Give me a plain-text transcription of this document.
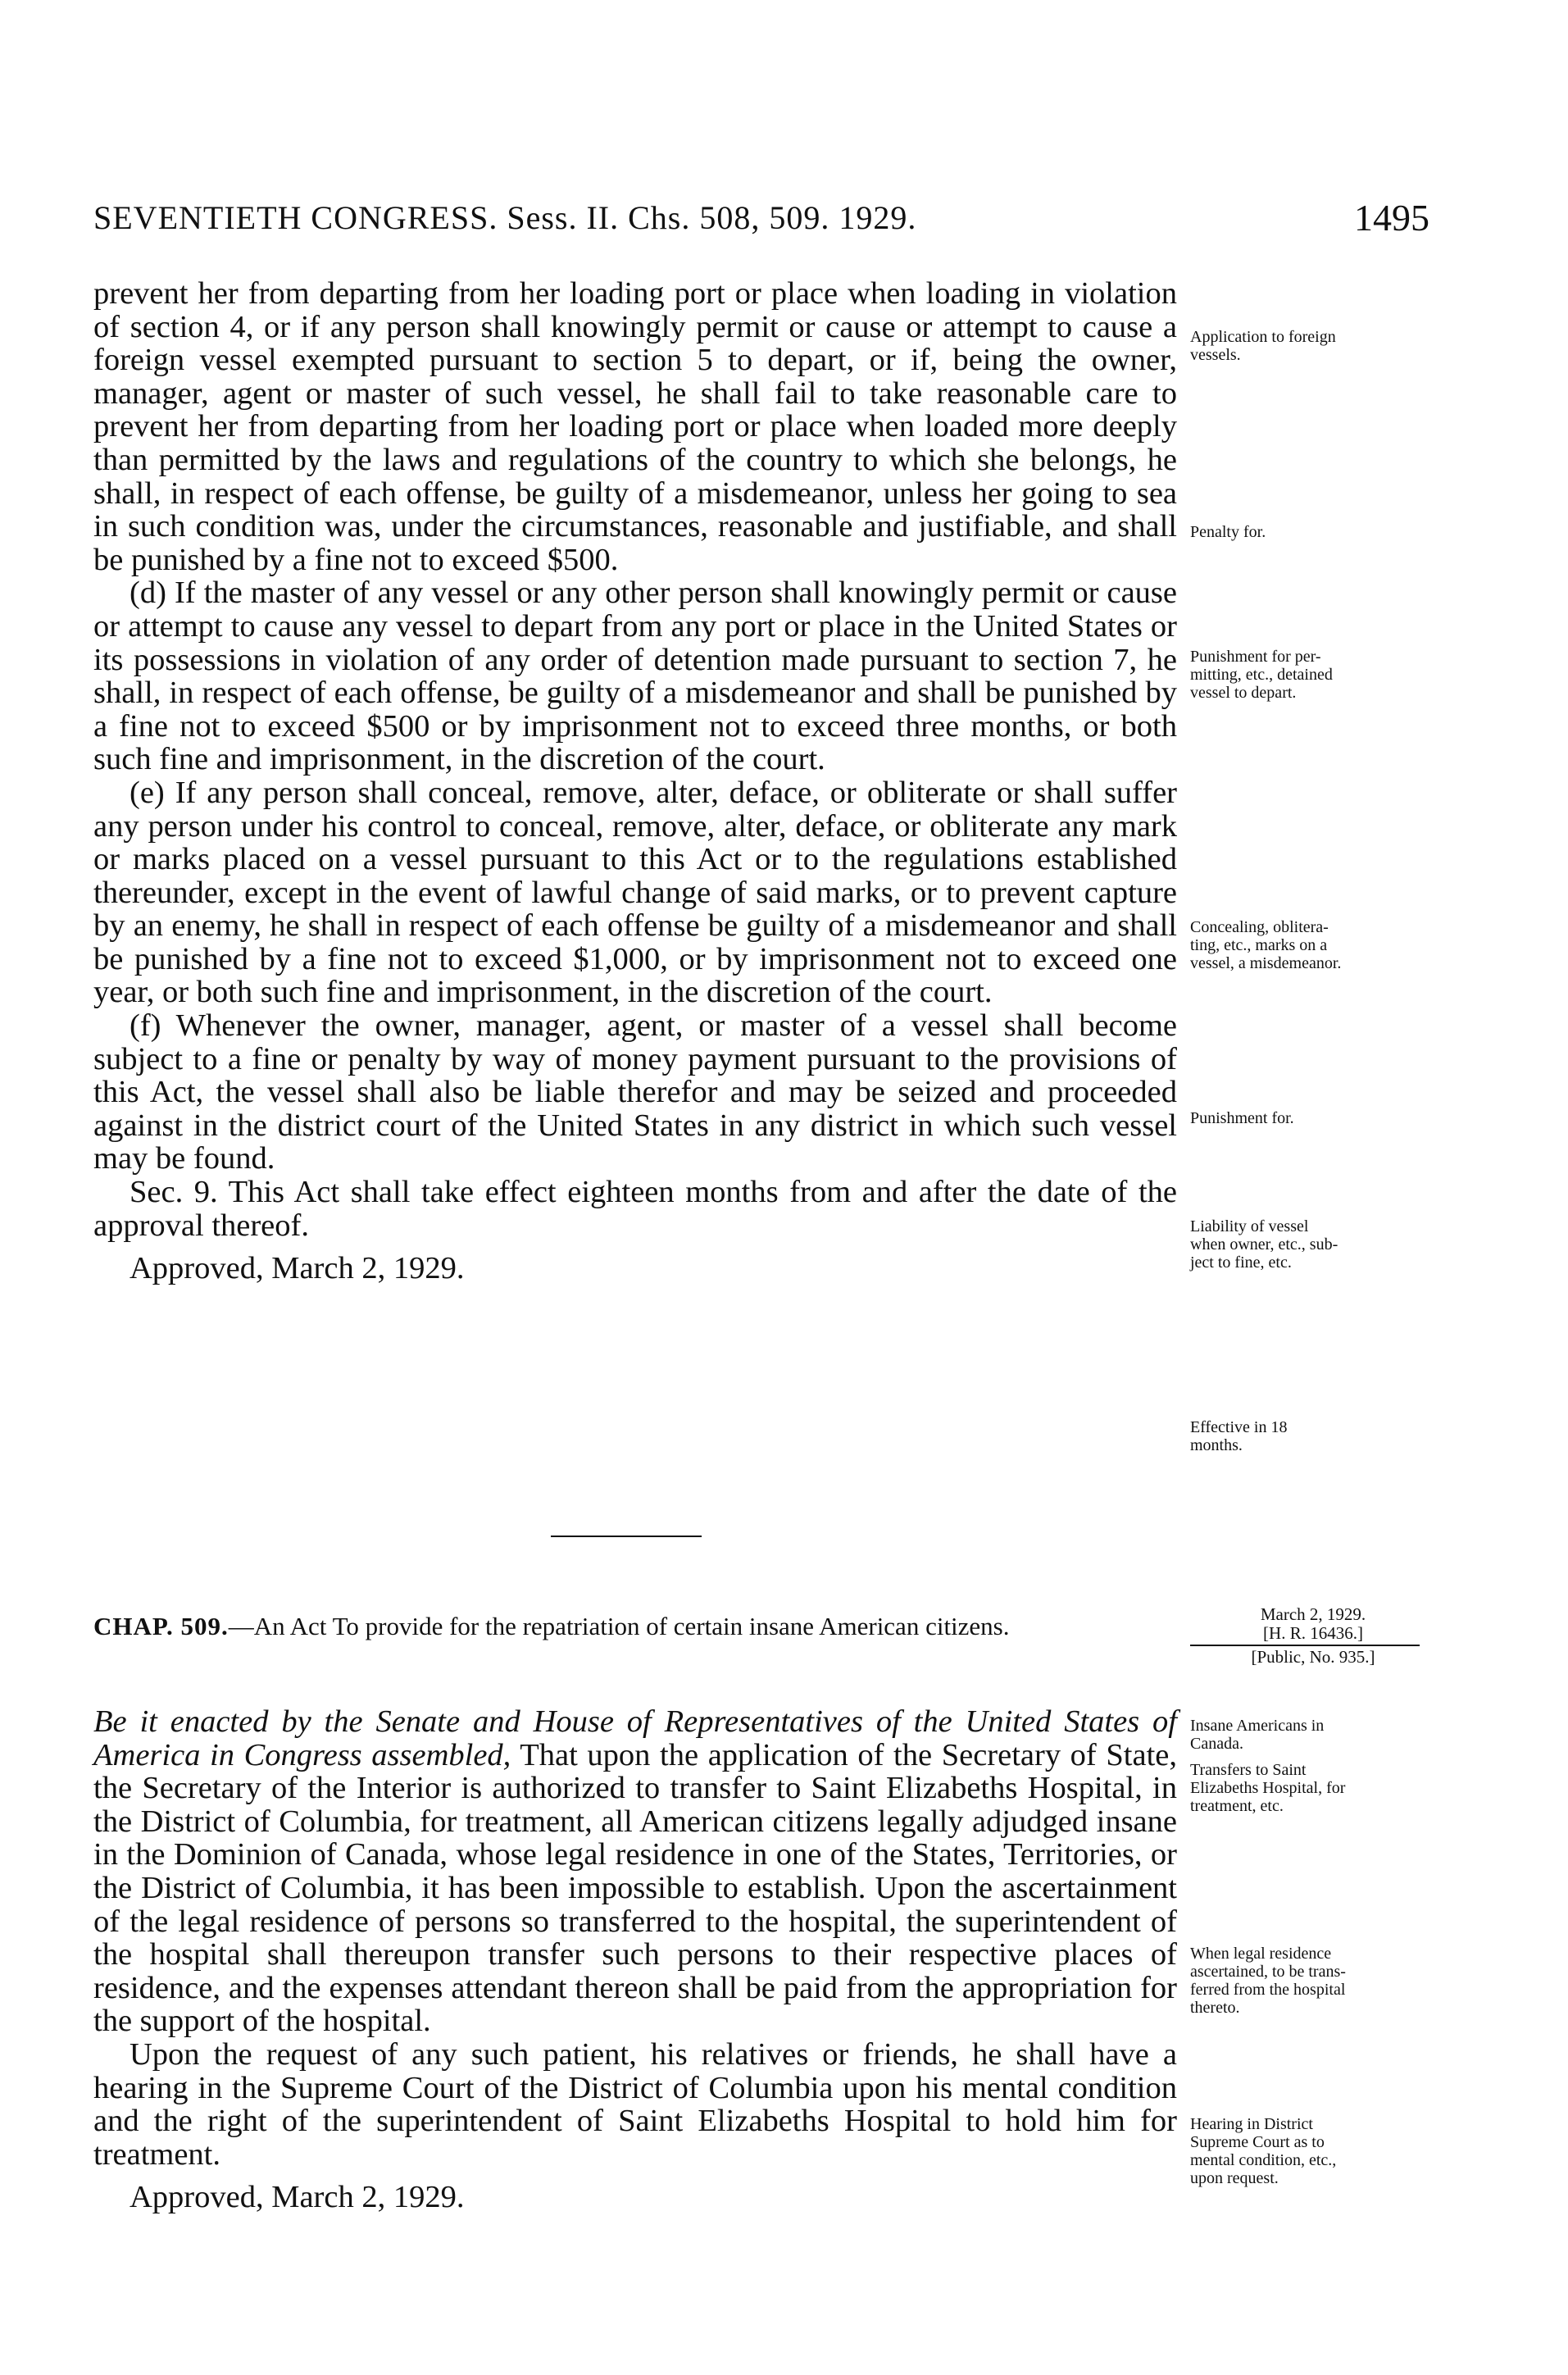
SEVENTIETH CONGRESS. Sess. II. Chs. 508, 509. 1929.	1495

prevent her from departing from her loading port or place when loading in violation of section 4, or if any person shall knowingly permit or cause or attempt to cause a foreign vessel exempted pursuant to section 5 to depart, or if, being the owner, manager, agent or master of such vessel, he shall fail to take reasonable care to prevent her from departing from her loading port or place when loaded more deeply than permitted by the laws and regulations of the country to which she belongs, he shall, in respect of each offense, be guilty of a misdemeanor, unless her going to sea in such condition was, under the circumstances, reasonable and justifiable, and shall be punished by a fine not to exceed $500.

(d) If the master of any vessel or any other person shall knowingly permit or cause or attempt to cause any vessel to depart from any port or place in the United States or its possessions in violation of any order of detention made pursuant to section 7, he shall, in respect of each offense, be guilty of a misdemeanor and shall be punished by a fine not to exceed $500 or by imprisonment not to exceed three months, or both such fine and imprisonment, in the discretion of the court.

(e) If any person shall conceal, remove, alter, deface, or obliterate or shall suffer any person under his control to conceal, remove, alter, deface, or obliterate any mark or marks placed on a vessel pursuant to this Act or to the regulations established thereunder, except in the event of lawful change of said marks, or to prevent capture by an enemy, he shall in respect of each offense be guilty of a misdemeanor and shall be punished by a fine not to exceed $1,000, or by imprisonment not to exceed one year, or both such fine and imprisonment, in the discretion of the court.

(f) Whenever the owner, manager, agent, or master of a vessel shall become subject to a fine or penalty by way of money payment pursuant to the provisions of this Act, the vessel shall also be liable therefor and may be seized and proceeded against in the district court of the United States in any district in which such vessel may be found.

Sec. 9. This Act shall take effect eighteen months from and after the date of the approval thereof.

Approved, March 2, 1929.

CHAP. 509.—An Act To provide for the repatriation of certain insane American citizens.	March 2, 1929.
[H. R. 16436.]
[Public, No. 935.]

Be it enacted by the Senate and House of Representatives of the United States of America in Congress assembled, That upon the application of the Secretary of State, the Secretary of the Interior is authorized to transfer to Saint Elizabeths Hospital, in the District of Columbia, for treatment, all American citizens legally adjudged insane in the Dominion of Canada, whose legal residence in one of the States, Territories, or the District of Columbia, it has been impossible to establish. Upon the ascertainment of the legal residence of persons so transferred to the hospital, the superintendent of the hospital shall thereupon transfer such persons to their respective places of residence, and the expenses attendant thereon shall be paid from the appropriation for the support of the hospital.

Upon the request of any such patient, his relatives or friends, he shall have a hearing in the Supreme Court of the District of Columbia upon his mental condition and the right of the superintendent of Saint Elizabeths Hospital to hold him for treatment.

Approved, March 2, 1929.

Application to foreign
vessels.
Penalty for.
Punishment for per-
mitting, etc., detained
vessel to depart.
Concealing, oblitera-
ting, etc., marks on a
vessel, a misdemeanor.
Punishment for.
Liability of vessel
when owner, etc., sub-
ject to fine, etc.
Effective in 18
months.
Insane Americans in
Canada.
Transfers to Saint
Elizabeths Hospital, for
treatment, etc.
When legal residence
ascertained, to be trans-
ferred from the hospital
thereto.
Hearing in District
Supreme Court as to
mental condition, etc.,
upon request.
